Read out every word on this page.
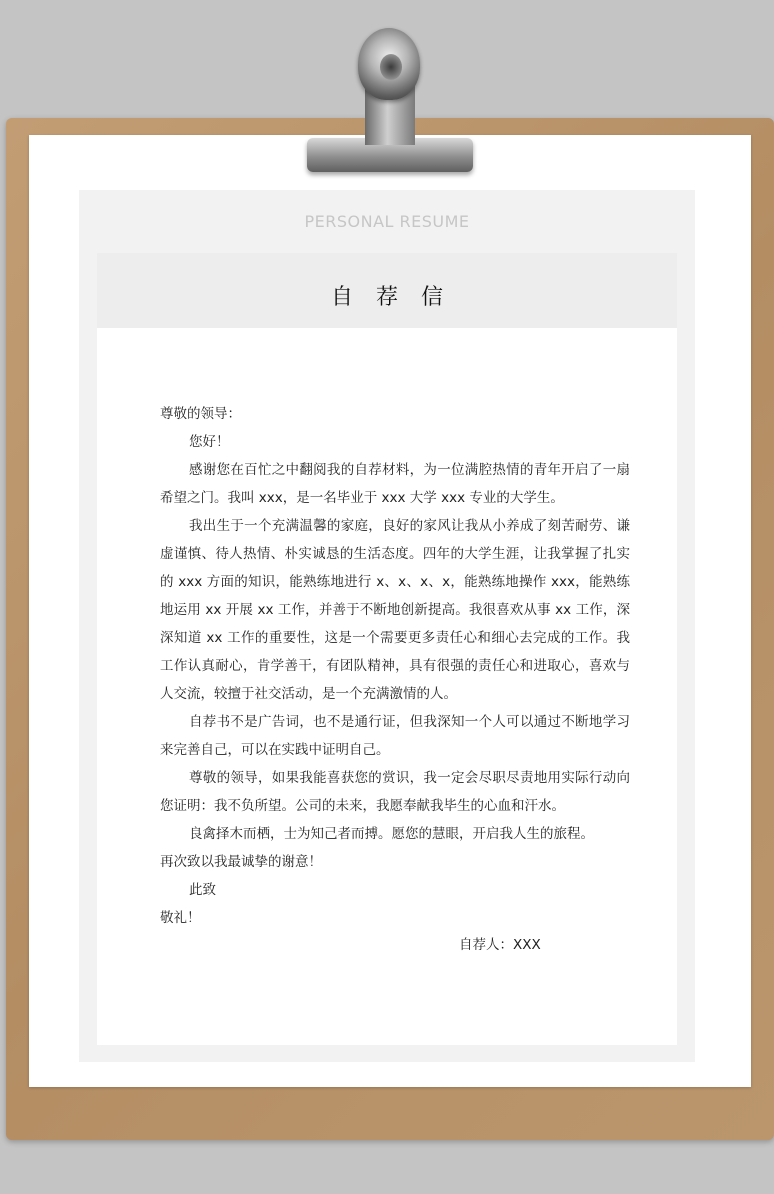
PERSONAL RESUME
自 荐 信

尊敬的领导：

您好！

感谢您在百忙之中翻阅我的自荐材料，为一位满腔热情的青年开启了一扇希望之门。我叫 xxx，是一名毕业于 xxx 大学 xxx 专业的大学生。

我出生于一个充满温馨的家庭，良好的家风让我从小养成了刻苦耐劳、谦虚谨慎、待人热情、朴实诚恳的生活态度。四年的大学生涯，让我掌握了扎实的 xxx 方面的知识，能熟练地进行 x、x、x、x，能熟练地操作 xxx，能熟练地运用 xx 开展 xx 工作，并善于不断地创新提高。我很喜欢从事 xx 工作，深深知道 xx 工作的重要性，这是一个需要更多责任心和细心去完成的工作。我工作认真耐心，肯学善干，有团队精神，具有很强的责任心和进取心，喜欢与人交流，较擅于社交活动，是一个充满激情的人。

自荐书不是广告词，也不是通行证，但我深知一个人可以通过不断地学习来完善自己，可以在实践中证明自己。

尊敬的领导，如果我能喜获您的赏识，我一定会尽职尽责地用实际行动向您证明：我不负所望。公司的未来，我愿奉献我毕生的心血和汗水。

良禽择木而栖，士为知己者而搏。愿您的慧眼，开启我人生的旅程。

再次致以我最诚挚的谢意！

此致

敬礼！

自荐人：XXX
